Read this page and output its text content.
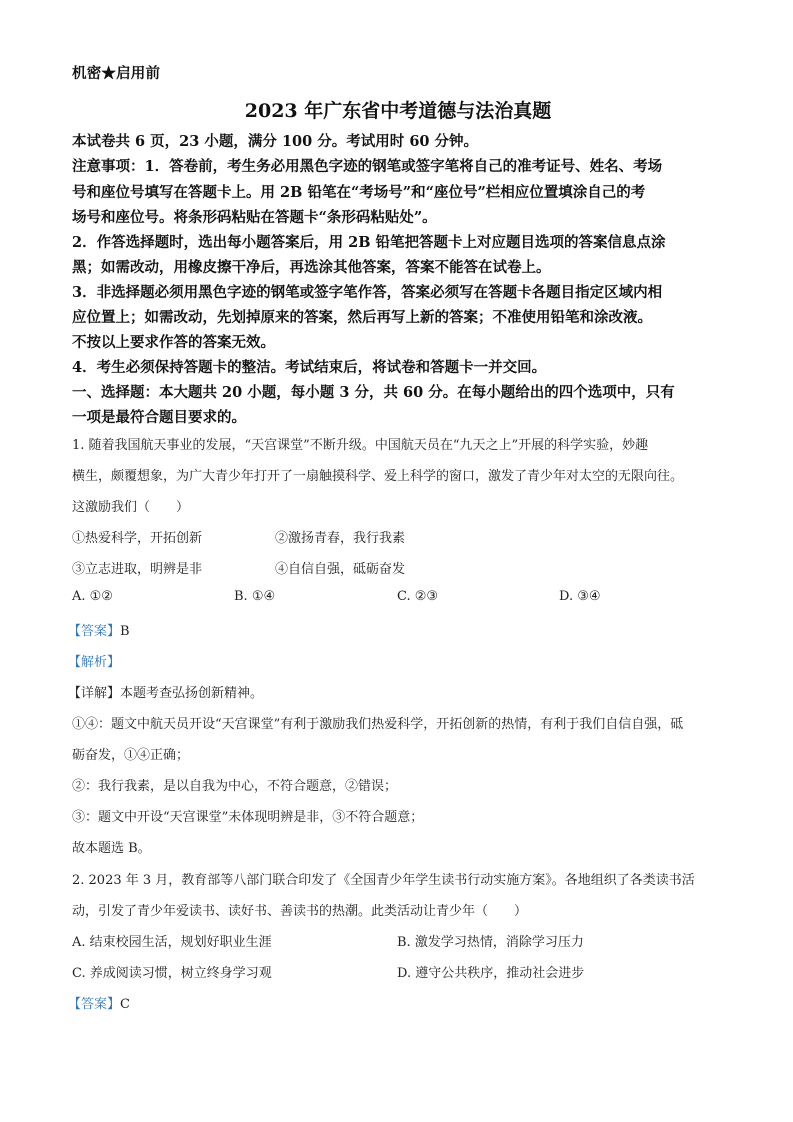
机密★启用前
2023 年广东省中考道德与法治真题
本试卷共 6 页，23 小题，满分 100 分。考试用时 60 分钟。
注意事项：1．答卷前，考生务必用黑色字迹的钢笔或签字笔将自己的准考证号、姓名、考场
号和座位号填写在答题卡上。用 2B 铅笔在“考场号”和“座位号”栏相应位置填涂自己的考
场号和座位号。将条形码粘贴在答题卡“条形码粘贴处”。
2．作答选择题时，选出每小题答案后，用 2B 铅笔把答题卡上对应题目选项的答案信息点涂
黑；如需改动，用橡皮擦干净后，再选涂其他答案，答案不能答在试卷上。
3．非选择题必须用黑色字迹的钢笔或签字笔作答，答案必须写在答题卡各题目指定区域内相
应位置上；如需改动，先划掉原来的答案，然后再写上新的答案；不准使用铅笔和涂改液。
不按以上要求作答的答案无效。
4．考生必须保持答题卡的整洁。考试结束后，将试卷和答题卡一并交回。
一、选择题：本大题共 20 小题，每小题 3 分，共 60 分。在每小题给出的四个选项中，只有
一项是最符合题目要求的。
1. 随着我国航天事业的发展，“天宫课堂”不断升级。中国航天员在“九天之上”开展的科学实验，妙趣
横生，颇覆想象，为广大青少年打开了一扇触摸科学、爱上科学的窗口，激发了青少年对太空的无限向往。
这激励我们（　　）
①热爱科学，开拓创新	②激扬青春，我行我素
③立志进取，明辨是非	④自信自强，砥砺奋发
A. ①②	B. ①④	C. ②③	D. ③④
【答案】B
【解析】
【详解】本题考查弘扬创新精神。
①④：题文中航天员开设“天宫课堂”有利于激励我们热爱科学，开拓创新的热情，有利于我们自信自强，砥
砺奋发，①④正确；
②：我行我素，是以自我为中心，不符合题意，②错误；
③：题文中开设“天宫课堂”未体现明辨是非，③不符合题意；
故本题选 B。
2. 2023 年 3 月，教育部等八部门联合印发了《全国青少年学生读书行动实施方案》。各地组织了各类读书活
动，引发了青少年爱读书、读好书、善读书的热潮。此类活动让青少年（　　）
A. 结束校园生活，规划好职业生涯	B. 激发学习热情，消除学习压力
C. 养成阅读习惯，树立终身学习观	D. 遵守公共秩序，推动社会进步
【答案】C
